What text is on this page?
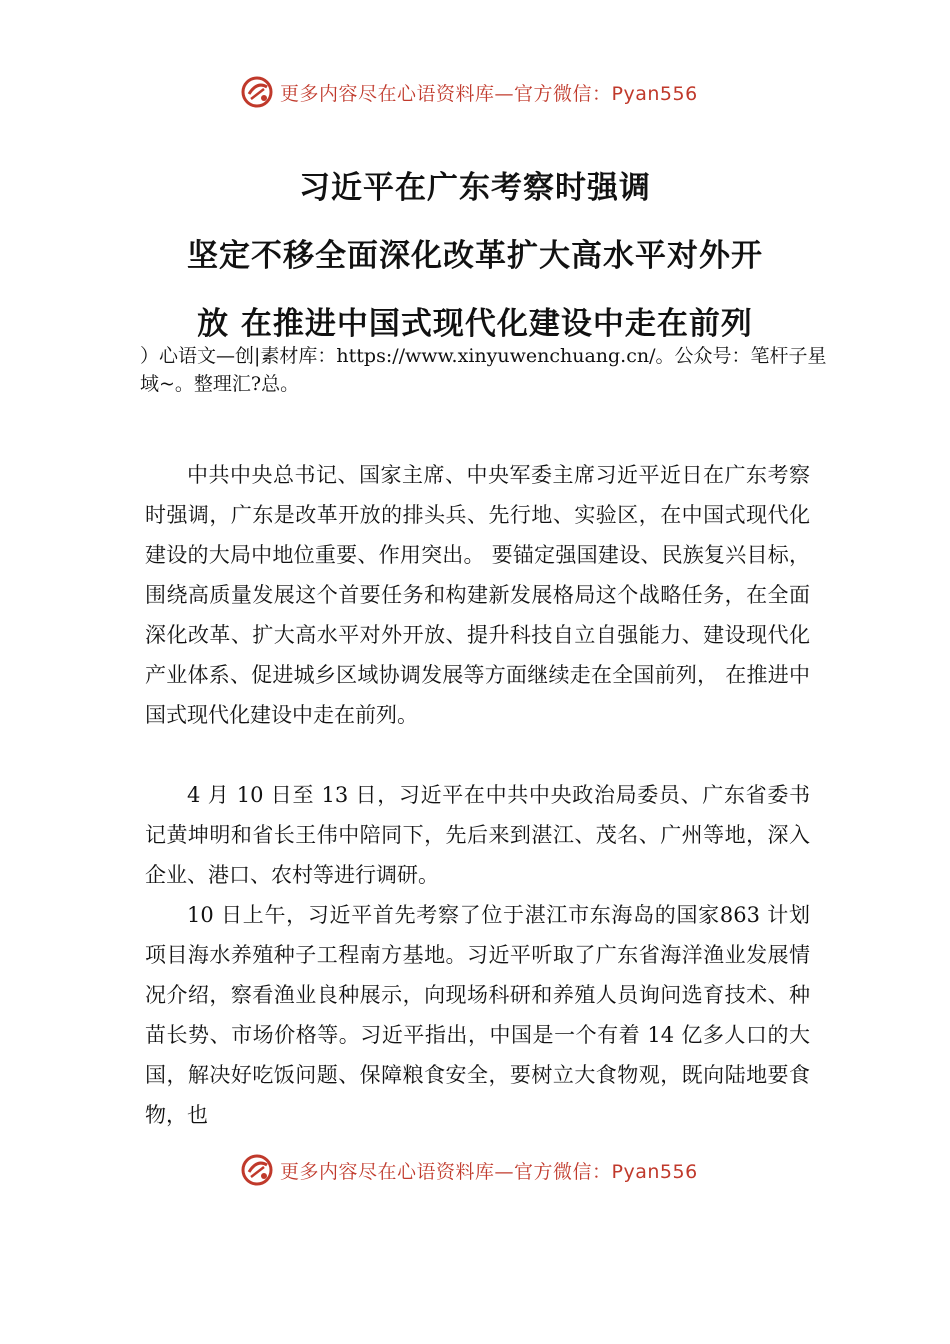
更多内容尽在心语资料库—官方微信：Pyan556
习近平在广东考察时强调
坚定不移全面深化改革扩大高水平对外开
放 在推进中国式现代化建设中走在前列
）心语文—创|素材库：https://www.xinyuwenchuang.cn/。公众号：笔杆子星域~。整理汇?总。

中共中央总书记、国家主席、中央军委主席习近平近日在广东考察时强调，广东是改革开放的排头兵、先行地、实验区，在中国式现代化建设的大局中地位重要、作用突出。 要锚定强国建设、民族复兴目标，围绕高质量发展这个首要任务和构建新发展格局这个战略任务，在全面深化改革、扩大高水平对外开放、提升科技自立自强能力、建设现代化产业体系、促进城乡区域协调发展等方面继续走在全国前列， 在推进中国式现代化建设中走在前列。

4 月 10 日至 13 日，习近平在中共中央政治局委员、广东省委书记黄坤明和省长王伟中陪同下，先后来到湛江、茂名、广州等地，深入企业、港口、农村等进行调研。

10 日上午，习近平首先考察了位于湛江市东海岛的国家863 计划项目海水养殖种子工程南方基地。习近平听取了广东省海洋渔业发展情况介绍，察看渔业良种展示，向现场科研和养殖人员询问选育技术、种苗长势、市场价格等。习近平指出，中国是一个有着 14 亿多人口的大国，解决好吃饭问题、保障粮食安全，要树立大食物观，既向陆地要食物，也

更多内容尽在心语资料库—官方微信：Pyan556
